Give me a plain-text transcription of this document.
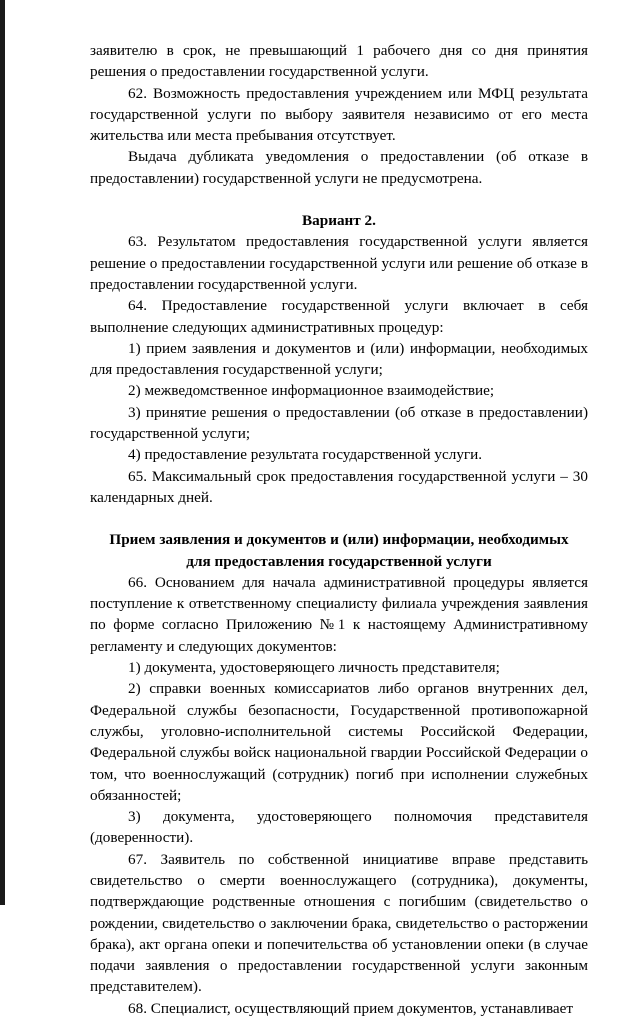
заявителю в срок, не превышающий 1 рабочего дня со дня принятия решения о предоставлении государственной услуги.

62. Возможность предоставления учреждением или МФЦ результата государственной услуги по выбору заявителя независимо от его места жительства или места пребывания отсутствует.

Выдача дубликата уведомления о предоставлении (об отказе в предоставлении) государственной услуги не предусмотрена.

Вариант 2.

63. Результатом предоставления государственной услуги является решение о предоставлении государственной услуги или решение об отказе в предоставлении государственной услуги.

64. Предоставление государственной услуги включает в себя выполнение следующих административных процедур:

1) прием заявления и документов и (или) информации, необходимых для предоставления государственной услуги;

2) межведомственное информационное взаимодействие;

3) принятие решения о предоставлении (об отказе в предоставлении) государственной услуги;

4) предоставление результата государственной услуги.

65. Максимальный срок предоставления государственной услуги – 30 календарных дней.

Прием заявления и документов и (или) информации, необходимых
для предоставления государственной услуги

66. Основанием для начала административной процедуры является поступление к ответственному специалисту филиала учреждения заявления по форме согласно Приложению №1 к настоящему Административному регламенту и следующих документов:

1) документа, удостоверяющего личность представителя;

2) справки военных комиссариатов либо органов внутренних дел, Федеральной службы безопасности, Государственной противопожарной службы, уголовно-исполнительной системы Российской Федерации, Федеральной службы войск национальной гвардии Российской Федерации о том, что военнослужащий (сотрудник) погиб при исполнении служебных обязанностей;

3) документа, удостоверяющего полномочия представителя (доверенности).

67. Заявитель по собственной инициативе вправе представить свидетельство о смерти военнослужащего (сотрудника), документы, подтверждающие родственные отношения с погибшим (свидетельство о рождении, свидетельство о заключении брака, свидетельство о расторжении брака), акт органа опеки и попечительства об установлении опеки (в случае подачи заявления о предоставлении государственной услуги законным представителем).

68. Специалист, осуществляющий прием документов, устанавливает
